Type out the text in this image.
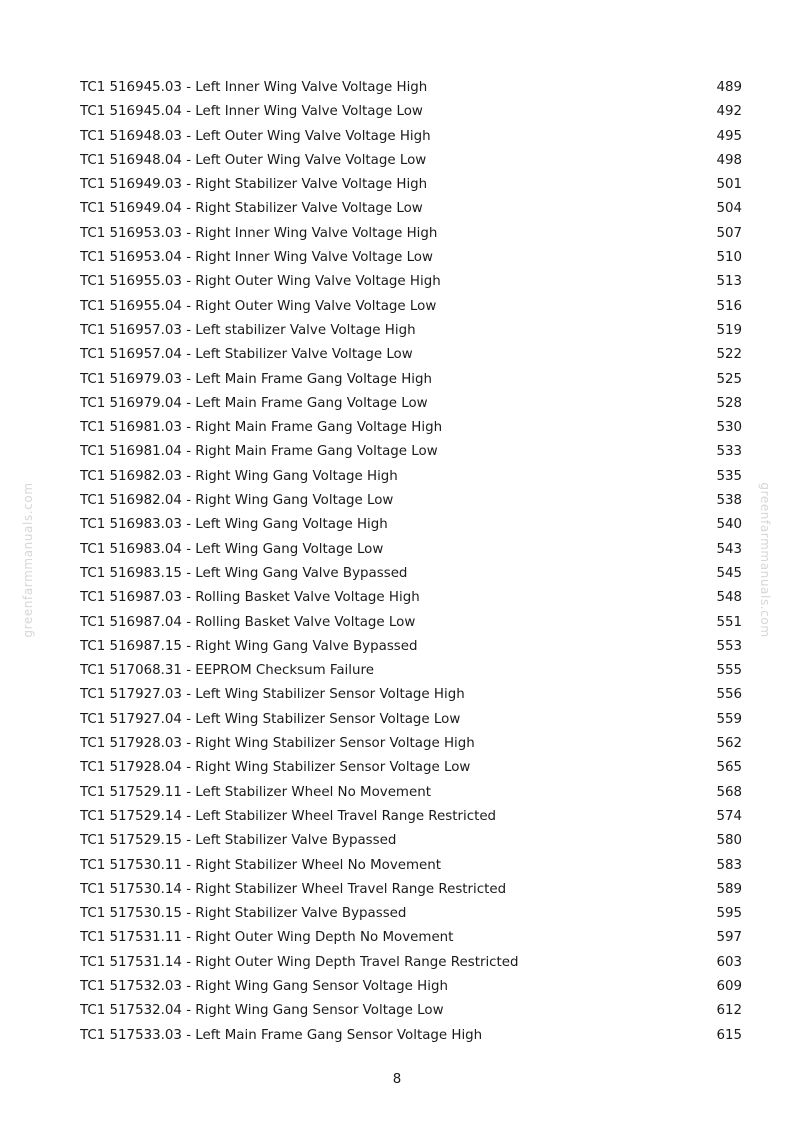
greenfarmmanuals.com	greenfarmmanuals.com
TC1 516945.03 - Left Inner Wing Valve Voltage High	489
TC1 516945.04 - Left Inner Wing Valve Voltage Low	492
TC1 516948.03 - Left Outer Wing Valve Voltage High	495
TC1 516948.04 - Left Outer Wing Valve Voltage Low	498
TC1 516949.03 - Right Stabilizer Valve Voltage High	501
TC1 516949.04 - Right Stabilizer Valve Voltage Low	504
TC1 516953.03 - Right Inner Wing Valve Voltage High	507
TC1 516953.04 - Right Inner Wing Valve Voltage Low	510
TC1 516955.03 - Right Outer Wing Valve Voltage High	513
TC1 516955.04 - Right Outer Wing Valve Voltage Low	516
TC1 516957.03 - Left stabilizer Valve Voltage High	519
TC1 516957.04 - Left Stabilizer Valve Voltage Low	522
TC1 516979.03 - Left Main Frame Gang Voltage High	525
TC1 516979.04 - Left Main Frame Gang Voltage Low	528
TC1 516981.03 - Right Main Frame Gang Voltage High	530
TC1 516981.04 - Right Main Frame Gang Voltage Low	533
TC1 516982.03 - Right Wing Gang Voltage High	535
TC1 516982.04 - Right Wing Gang Voltage Low	538
TC1 516983.03 - Left Wing Gang Voltage High	540
TC1 516983.04 - Left Wing Gang Voltage Low	543
TC1 516983.15 - Left Wing Gang Valve Bypassed	545
TC1 516987.03 - Rolling Basket Valve Voltage High	548
TC1 516987.04 - Rolling Basket Valve Voltage Low	551
TC1 516987.15 - Right Wing Gang Valve Bypassed	553
TC1 517068.31 - EEPROM Checksum Failure	555
TC1 517927.03 - Left Wing Stabilizer Sensor Voltage High	556
TC1 517927.04 - Left Wing Stabilizer Sensor Voltage Low	559
TC1 517928.03 - Right Wing Stabilizer Sensor Voltage High	562
TC1 517928.04 - Right Wing Stabilizer Sensor Voltage Low	565
TC1 517529.11 - Left Stabilizer Wheel No Movement	568
TC1 517529.14 - Left Stabilizer Wheel Travel Range Restricted	574
TC1 517529.15 - Left Stabilizer Valve Bypassed	580
TC1 517530.11 - Right Stabilizer Wheel No Movement	583
TC1 517530.14 - Right Stabilizer Wheel Travel Range Restricted	589
TC1 517530.15 - Right Stabilizer Valve Bypassed	595
TC1 517531.11 - Right Outer Wing Depth No Movement	597
TC1 517531.14 - Right Outer Wing Depth Travel Range Restricted	603
TC1 517532.03 - Right Wing Gang Sensor Voltage High	609
TC1 517532.04 - Right Wing Gang Sensor Voltage Low	612
TC1 517533.03 - Left Main Frame Gang Sensor Voltage High	615
8
